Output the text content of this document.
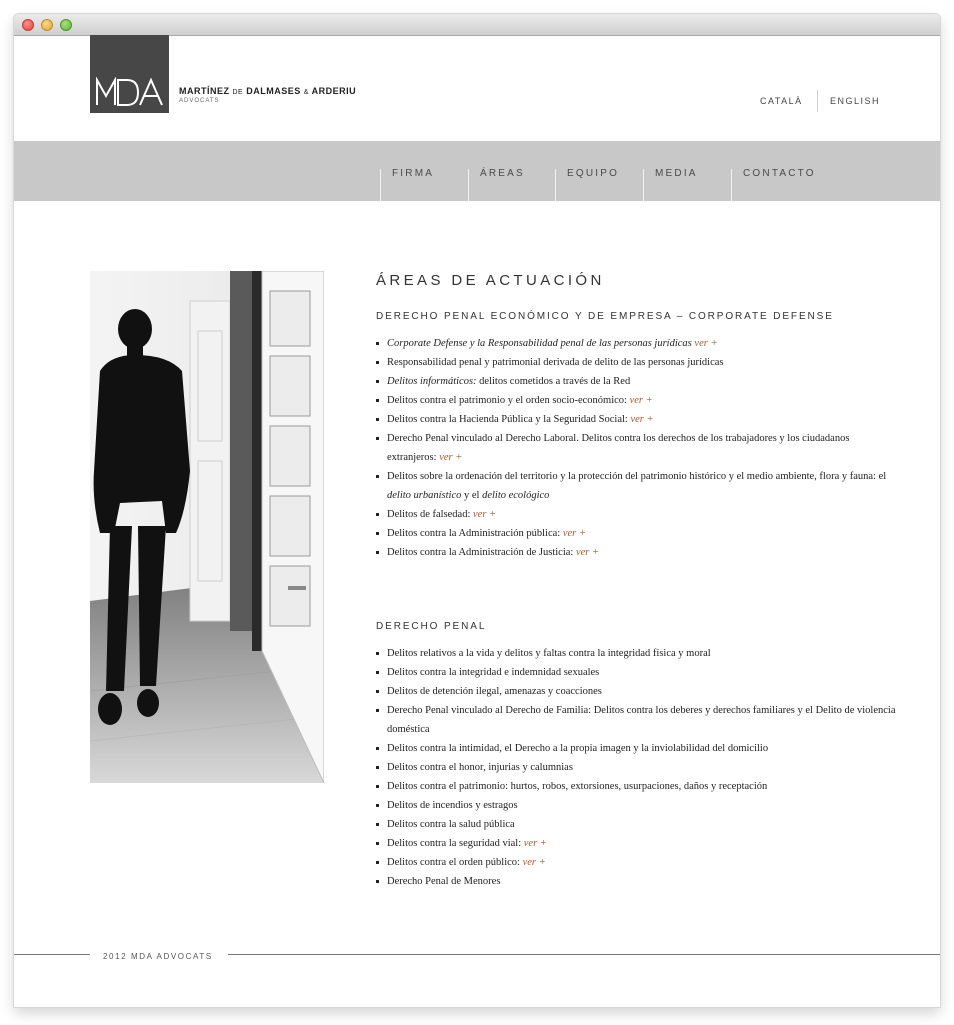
MARTÍNEZ DE DALMASES & ARDERIU
ADVOCATS	CATALÀ	ENGLISH
FIRMA	ÁREAS	EQUIPO	MEDIA	CONTACTO
ÁREAS DE ACTUACIÓN
DERECHO PENAL ECONÓMICO Y DE EMPRESA – CORPORATE DEFENSE
Corporate Defense y la Responsabilidad penal de las personas jurídicas ver +
Responsabilidad penal y patrimonial derivada de delito de las personas jurídicas
Delitos informáticos: delitos cometidos a través de la Red
Delitos contra el patrimonio y el orden socio-económico: ver +
Delitos contra la Hacienda Pública y la Seguridad Social: ver +
Derecho Penal vinculado al Derecho Laboral. Delitos contra los derechos de los trabajadores y los ciudadanos extranjeros: ver +
Delitos sobre la ordenación del territorio y la protección del patrimonio histórico y el medio ambiente, flora y fauna: el delito urbanístico y el delito ecológico
Delitos de falsedad: ver +
Delitos contra la Administración pública: ver +
Delitos contra la Administración de Justicia: ver +
DERECHO PENAL
Delitos relativos a la vida y delitos y faltas contra la integridad física y moral
Delitos contra la integridad e indemnidad sexuales
Delitos de detención ilegal, amenazas y coacciones
Derecho Penal vinculado al Derecho de Familia: Delitos contra los deberes y derechos familiares y el Delito de violencia doméstica
Delitos contra la intimidad, el Derecho a la propia imagen y la inviolabilidad del domicilio
Delitos contra el honor, injurias y calumnias
Delitos contra el patrimonio: hurtos, robos, extorsiones, usurpaciones, daños y receptación
Delitos de incendios y estragos
Delitos contra la salud pública
Delitos contra la seguridad vial: ver +
Delitos contra el orden público: ver +
Derecho Penal de Menores
2012 MDA ADVOCATS
